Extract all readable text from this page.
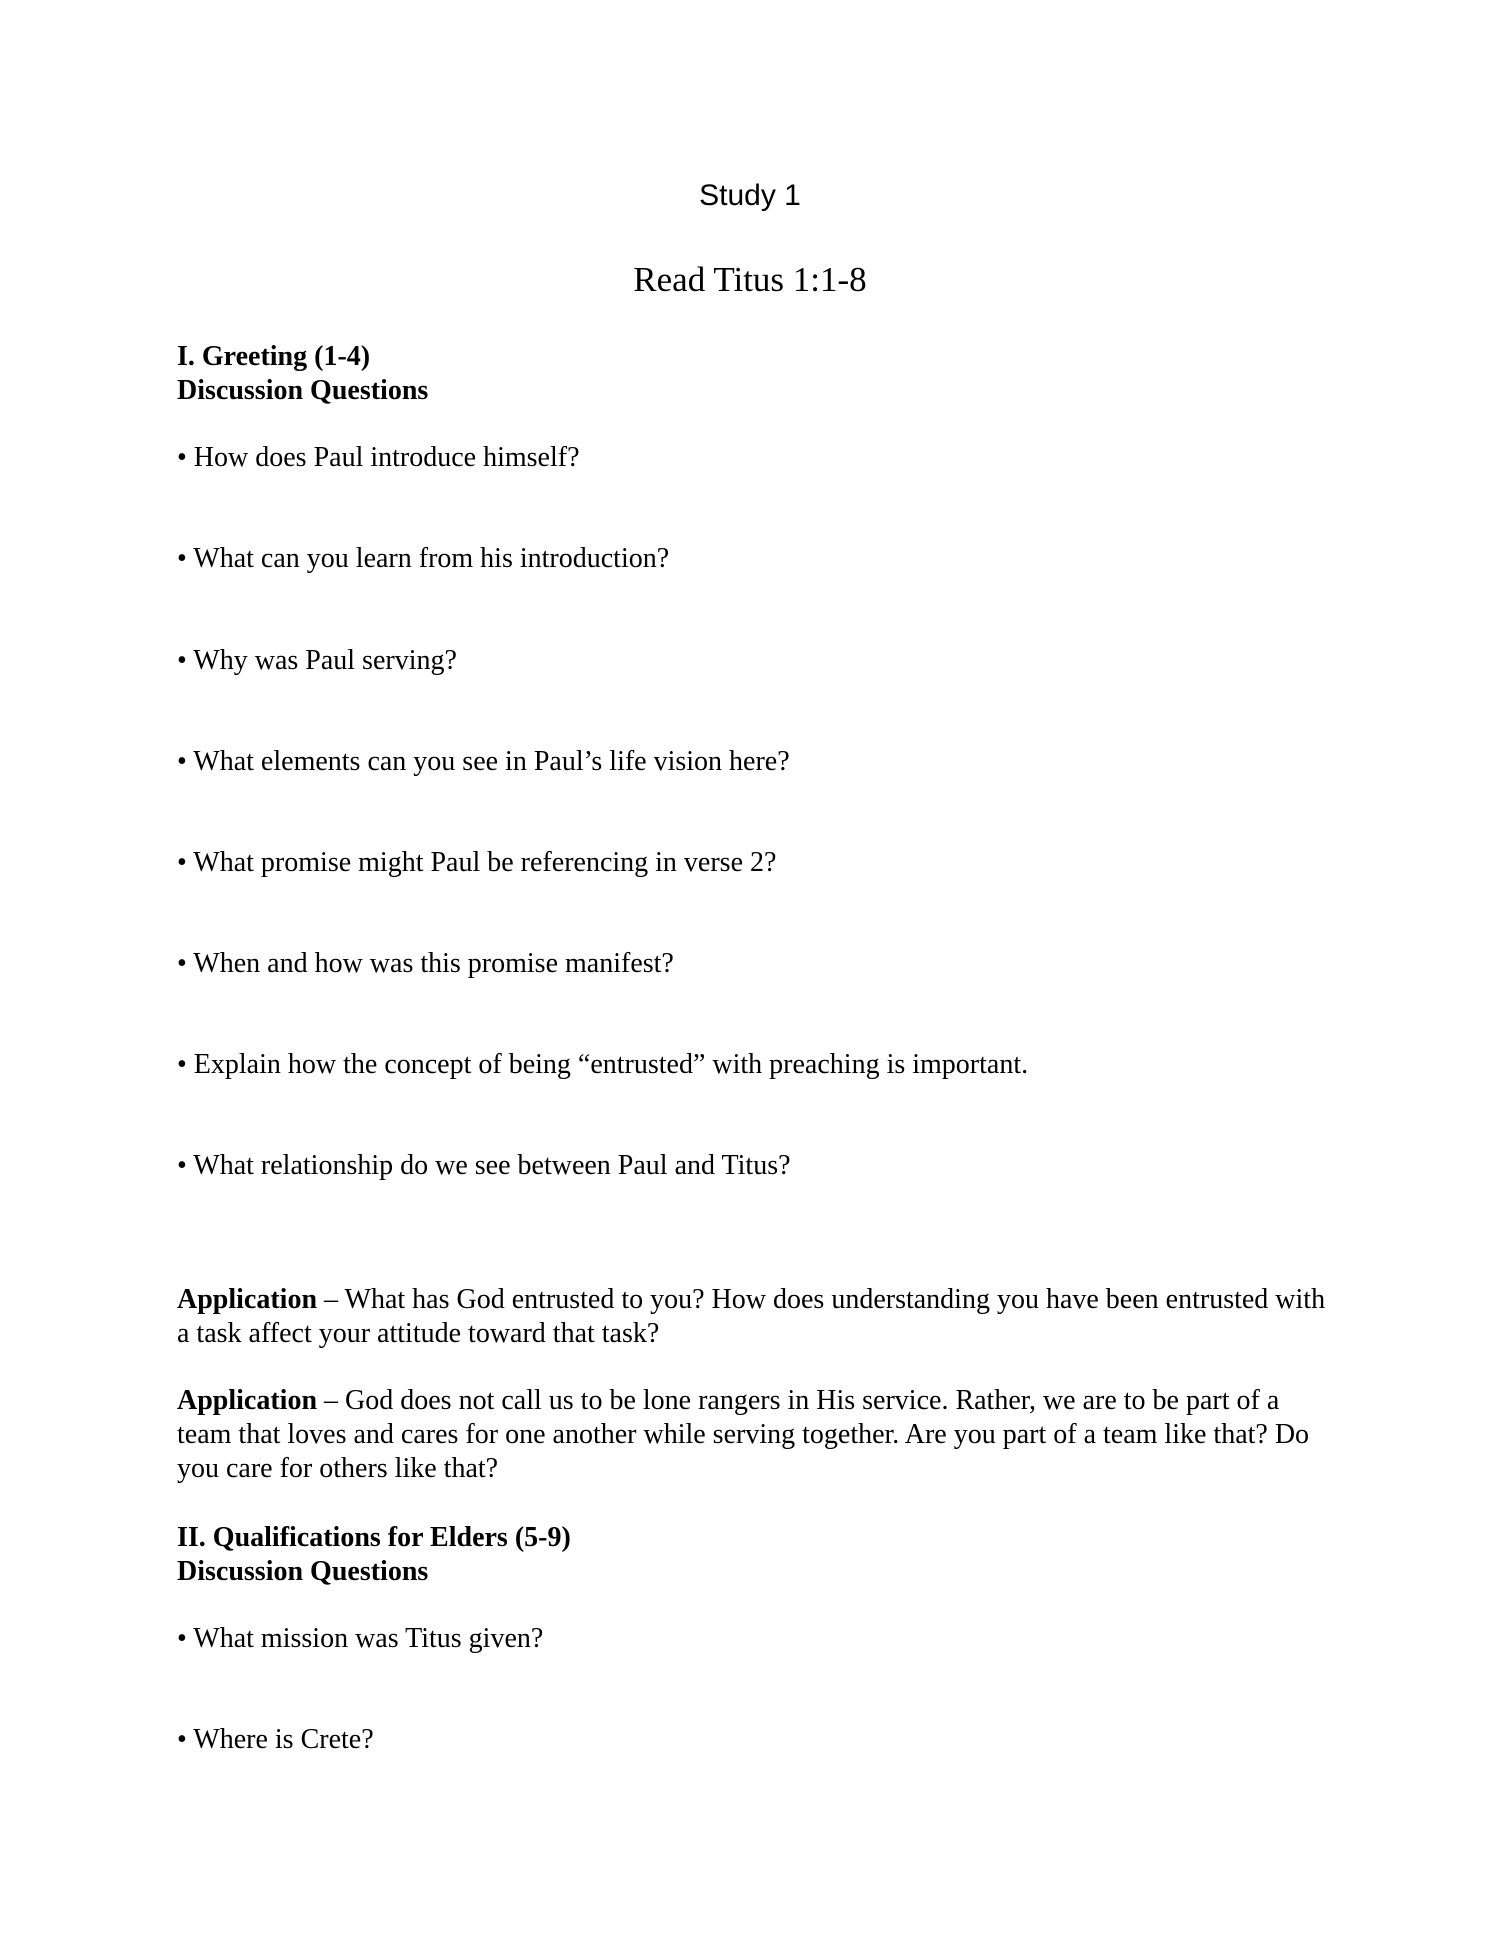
Study 1
Read Titus 1:1-8
I. Greeting (1-4)
Discussion Questions
• How does Paul introduce himself?
• What can you learn from his introduction?
• Why was Paul serving?
• What elements can you see in Paul’s life vision here?
• What promise might Paul be referencing in verse 2?
• When and how was this promise manifest?
• Explain how the concept of being “entrusted” with preaching is important.
• What relationship do we see between Paul and Titus?
Application – What has God entrusted to you? How does understanding you have been entrusted with a task affect your attitude toward that task?
Application – God does not call us to be lone rangers in His service. Rather, we are to be part of a team that loves and cares for one another while serving together. Are you part of a team like that? Do you care for others like that?
II. Qualifications for Elders (5-9)
Discussion Questions
• What mission was Titus given?
• Where is Crete?
